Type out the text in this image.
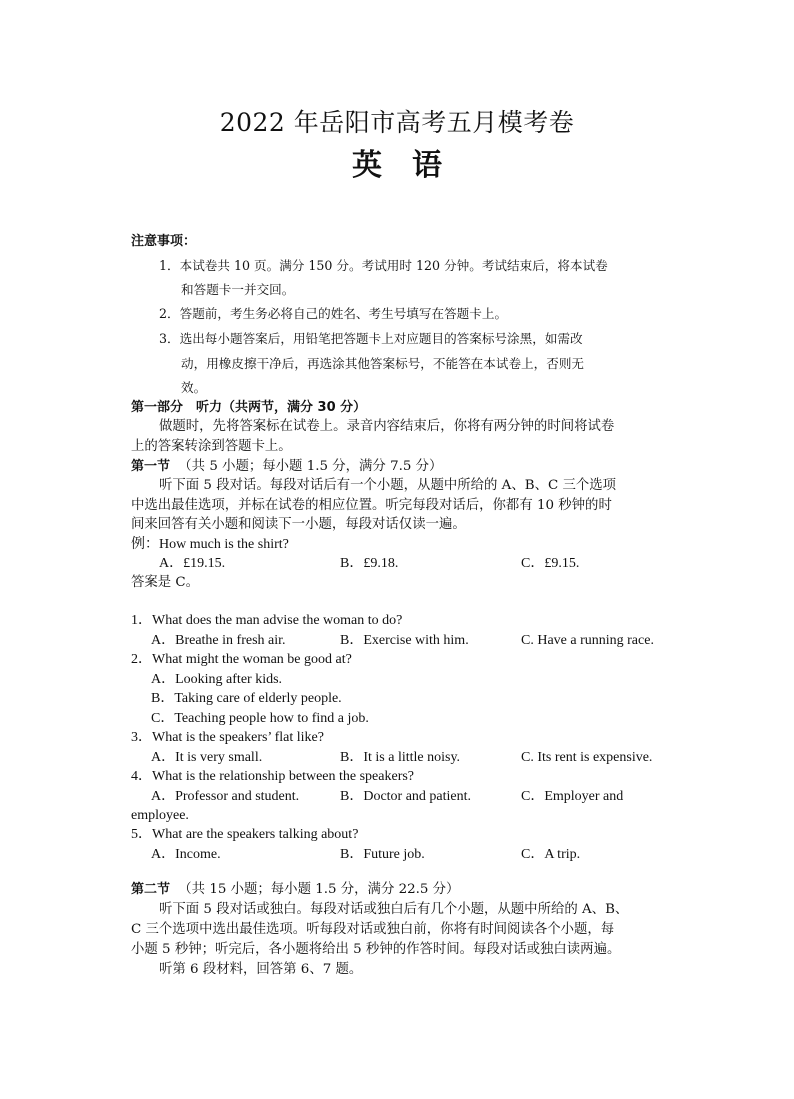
2022 年岳阳市高考五月模考卷
英　语
注意事项：
1．本试卷共 10 页。满分 150 分。考试用时 120 分钟。考试结束后，将本试卷
和答题卡一并交回。
2．答题前，考生务必将自己的姓名、考生号填写在答题卡上。
3．选出每小题答案后，用铅笔把答题卡上对应题目的答案标号涂黑，如需改
动，用橡皮擦干净后，再选涂其他答案标号，不能答在本试卷上，否则无
效。
第一部分　听力（共两节，满分 30 分）
做题时，先将答案标在试卷上。录音内容结束后，你将有两分钟的时间将试卷
上的答案转涂到答题卡上。
第一节 （共 5 小题；每小题 1.5 分，满分 7.5 分）
听下面 5 段对话。每段对话后有一个小题，从题中所给的 A、B、C 三个选项
中选出最佳选项，并标在试卷的相应位置。听完每段对话后，你都有 10 秒钟的时
间来回答有关小题和阅读下一小题，每段对话仅读一遍。
例：How much is the shirt?
A．£19.15.	B．£9.18.	C．£9.15.
答案是 C。
1．What does the man advise the woman to do?
A．Breathe in fresh air.	B．Exercise with him.	C. Have a running race.
2．What might the woman be good at?
A．Looking after kids.
B．Taking care of elderly people.
C．Teaching people how to find a job.
3．What is the speakers’ flat like?
A．It is very small.	B．It is a little noisy.	C. Its rent is expensive.
4．What is the relationship between the speakers?
A．Professor and student.	B．Doctor and patient.	C．Employer and
employee.
5．What are the speakers talking about?
A．Income.	B．Future job.	C．A trip.
第二节 （共 15 小题；每小题 1.5 分，满分 22.5 分）
听下面 5 段对话或独白。每段对话或独白后有几个小题，从题中所给的 A、B、
C 三个选项中选出最佳选项。听每段对话或独白前，你将有时间阅读各个小题，每
小题 5 秒钟；听完后，各小题将给出 5 秒钟的作答时间。每段对话或独白读两遍。
听第 6 段材料，回答第 6、7 题。
